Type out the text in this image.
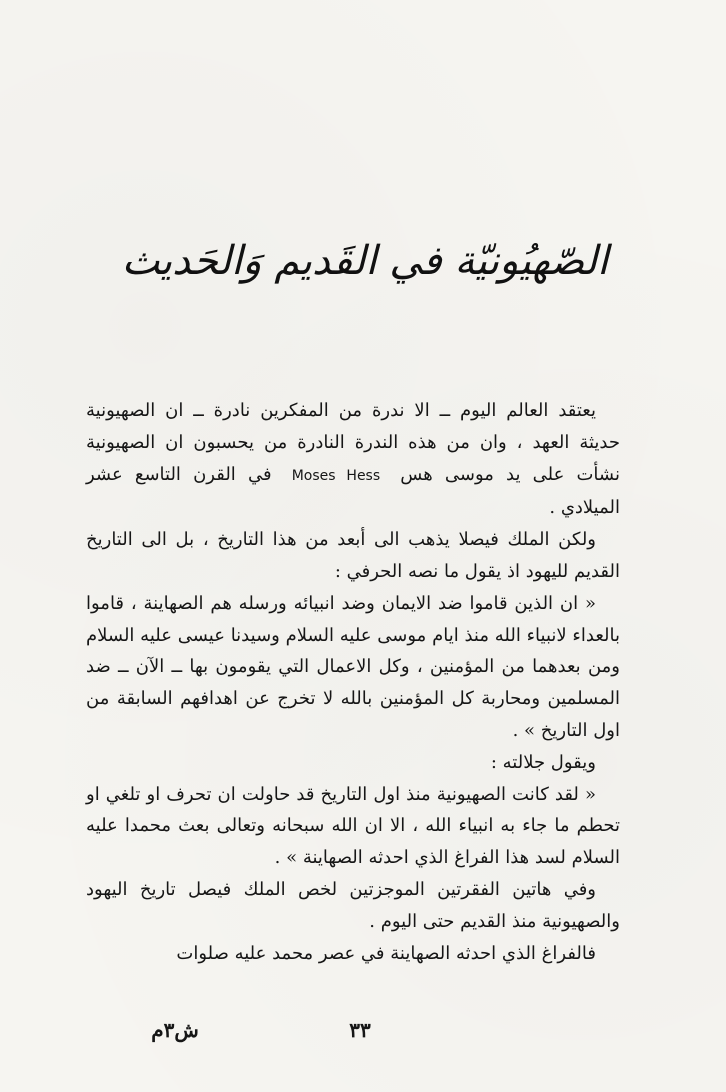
الصّهيُونيّة في القَديم وَالحَديث

يعتقد العالم اليوم ــ الا ندرة من المفكرين نادرة ــ ان الصهيونية حديثة العهد ، وان من هذه الندرة النادرة من يحسبون ان الصهيونية نشأت على يد موسى هس Moses Hess في القرن التاسع عشر الميلادي .

ولكن الملك فيصلا يذهب الى أبعد من هذا التاريخ ، بل الى التاريخ القديم لليهود اذ يقول ما نصه الحرفي :

« ان الذين قاموا ضد الايمان وضد انبيائه ورسله هم الصهاينة ، قاموا بالعداء لانبياء الله منذ ايام موسى عليه السلام وسيدنا عيسى عليه السلام ومن بعدهما من المؤمنين ، وكل الاعمال التي يقومون بها ــ الآن ــ ضد المسلمين ومحاربة كل المؤمنين بالله لا تخرج عن اهدافهم السابقة من اول التاريخ » .

ويقول جلالته :

« لقد كانت الصهيونية منذ اول التاريخ قد حاولت ان تحرف او تلغي او تحطم ما جاء به انبياء الله ، الا ان الله سبحانه وتعالى بعث محمدا عليه السلام لسد هذا الفراغ الذي احدثه الصهاينة » .

وفي هاتين الفقرتين الموجزتين لخص الملك فيصل تاريخ اليهود والصهيونية منذ القديم حتى اليوم .

فالفراغ الذي احدثه الصهاينة في عصر محمد عليه صلوات

٣٣
ش٣م
